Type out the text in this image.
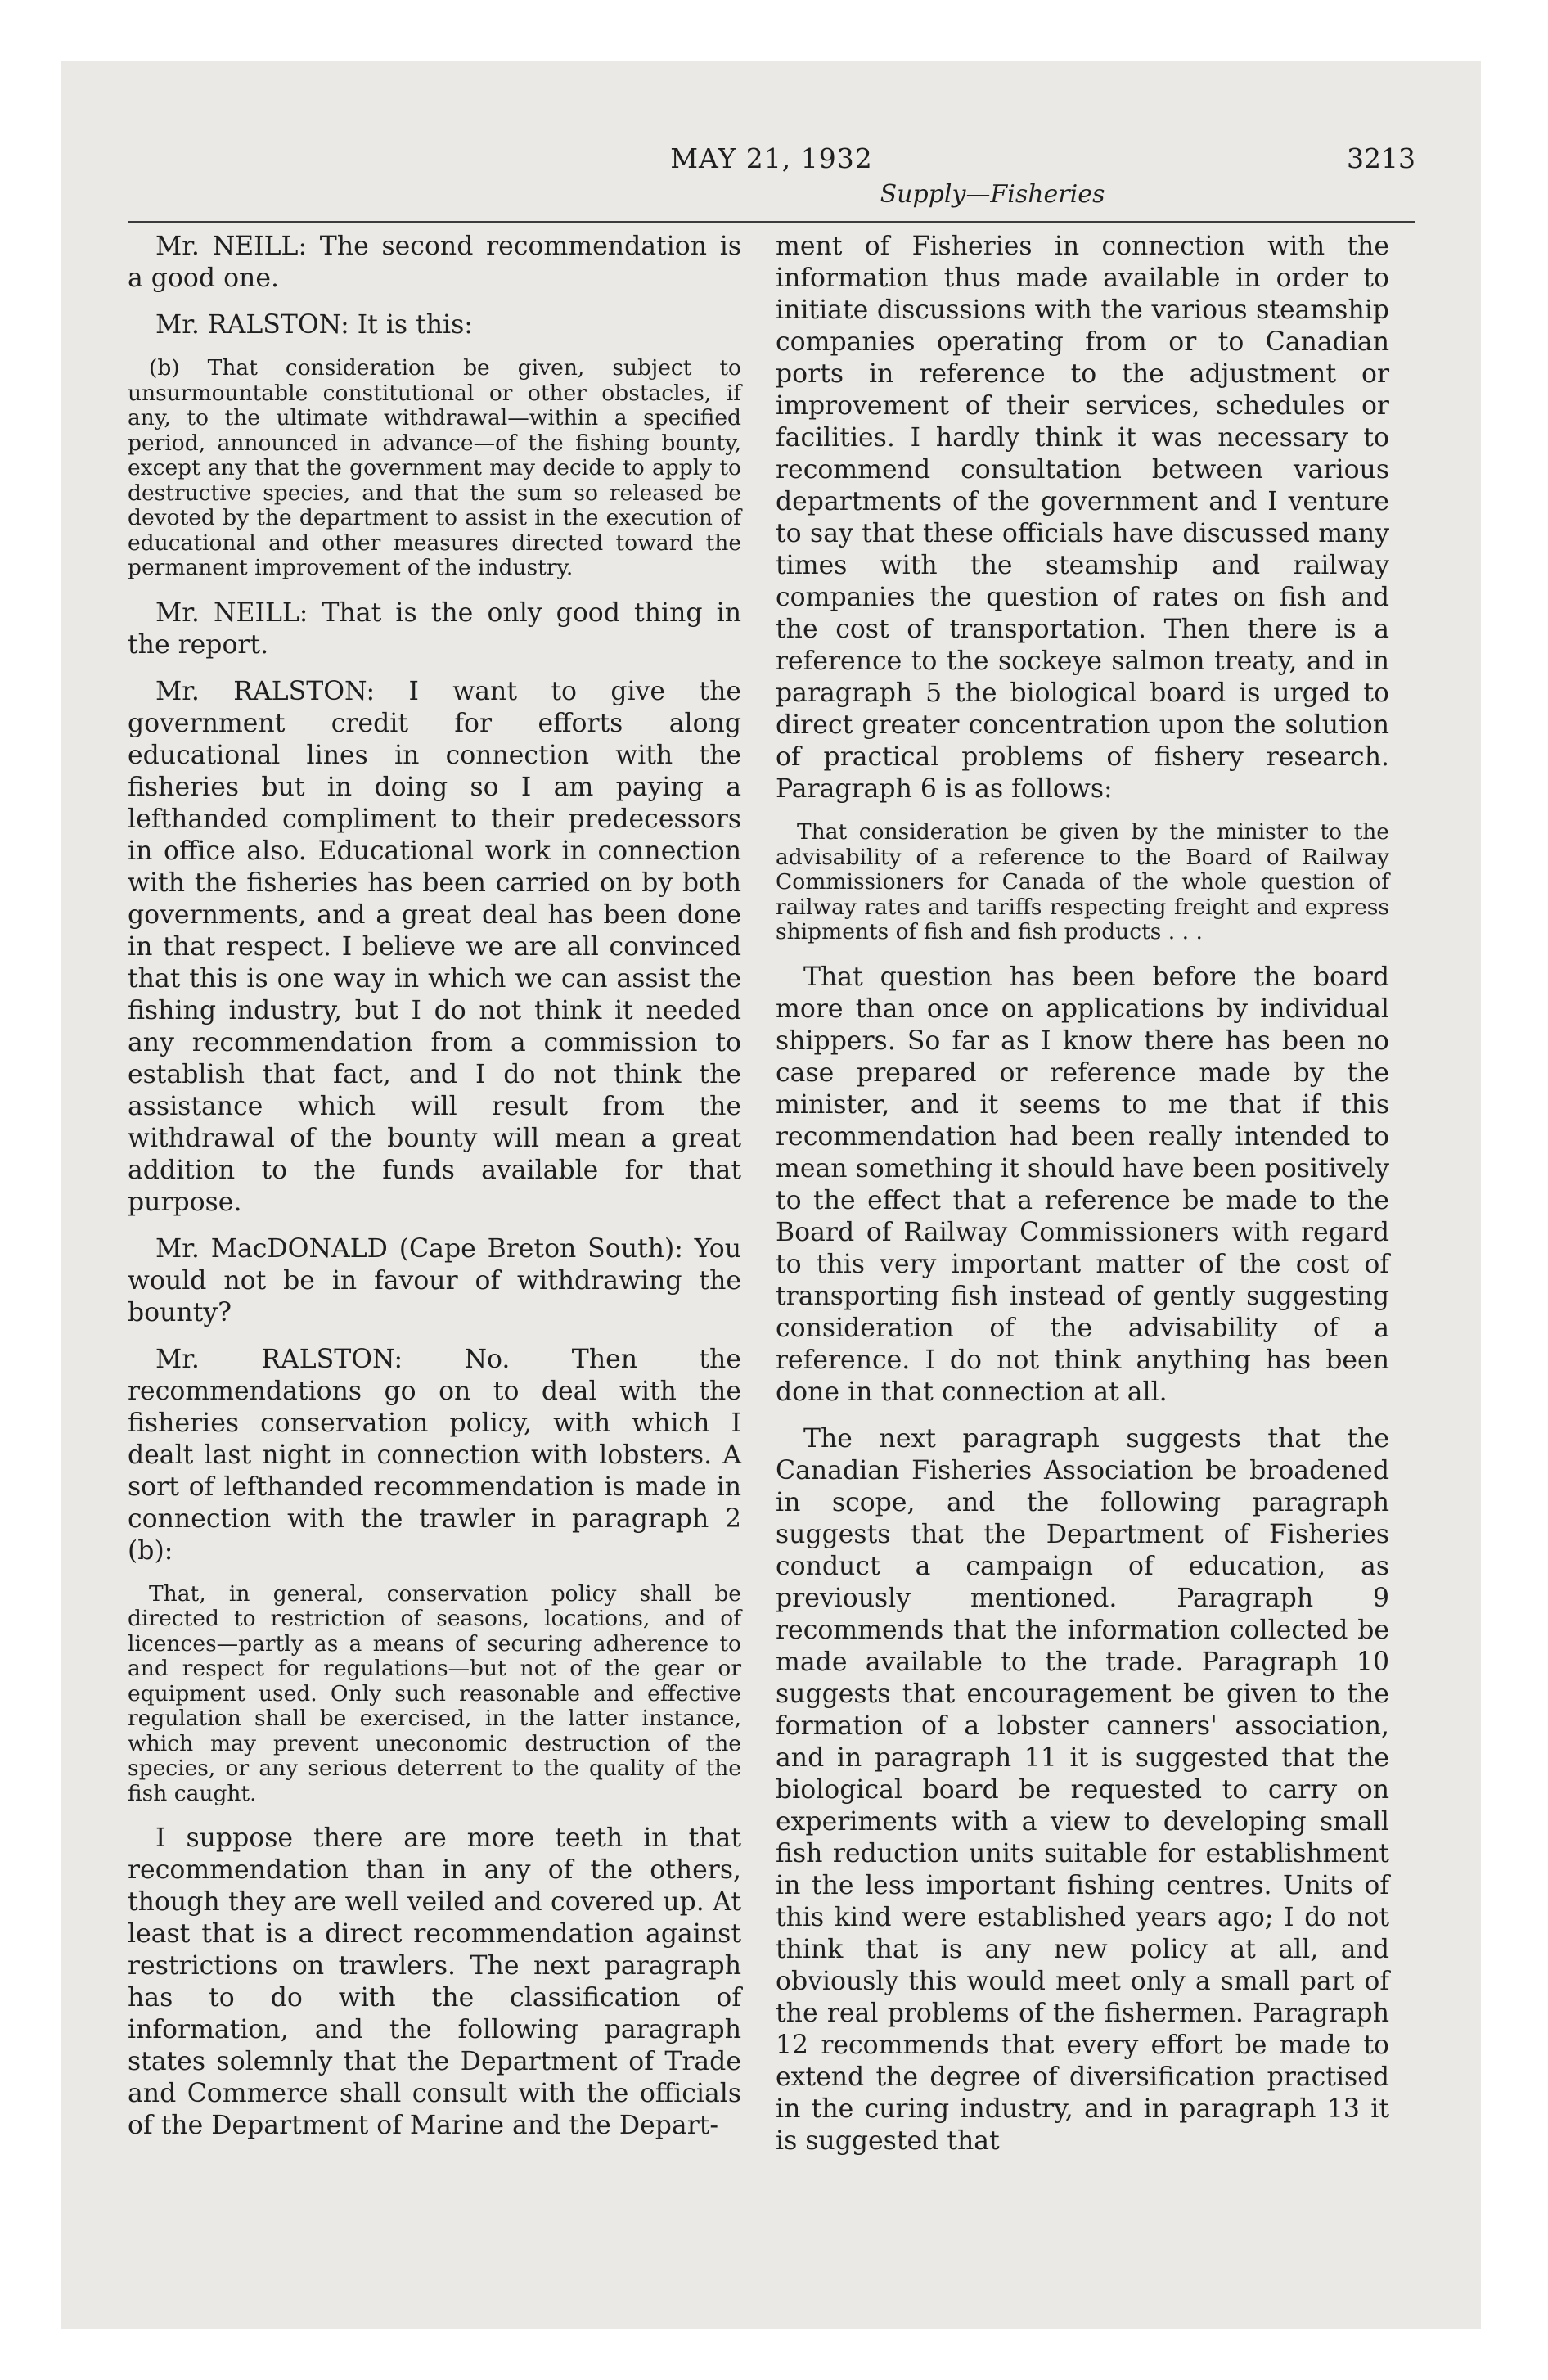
MAY 21, 1932	3213
Supply—Fisheries

Mr. NEILL: The second recommendation is a good one.

Mr. RALSTON: It is this:

(b) That consideration be given, subject to unsurmountable constitutional or other obstacles, if any, to the ultimate withdrawal—within a specified period, announced in advance—of the fishing bounty, except any that the government may decide to apply to destructive species, and that the sum so released be devoted by the department to assist in the execution of educational and other measures directed toward the permanent improvement of the industry.

Mr. NEILL: That is the only good thing in the report.

Mr. RALSTON: I want to give the government credit for efforts along educational lines in connection with the fisheries but in doing so I am paying a lefthanded compliment to their predecessors in office also. Educational work in connection with the fisheries has been carried on by both governments, and a great deal has been done in that respect. I believe we are all convinced that this is one way in which we can assist the fishing industry, but I do not think it needed any recommendation from a commission to establish that fact, and I do not think the assistance which will result from the withdrawal of the bounty will mean a great addition to the funds available for that purpose.

Mr. MacDONALD (Cape Breton South): You would not be in favour of withdrawing the bounty?

Mr. RALSTON: No. Then the recommendations go on to deal with the fisheries conservation policy, with which I dealt last night in connection with lobsters. A sort of lefthanded recommendation is made in connection with the trawler in paragraph 2 (b):

That, in general, conservation policy shall be directed to restriction of seasons, locations, and of licences—partly as a means of securing adherence to and respect for regulations—but not of the gear or equipment used. Only such reasonable and effective regulation shall be exercised, in the latter instance, which may prevent uneconomic destruction of the species, or any serious deterrent to the quality of the fish caught.

I suppose there are more teeth in that recommendation than in any of the others, though they are well veiled and covered up. At least that is a direct recommendation against restrictions on trawlers. The next paragraph has to do with the classification of information, and the following paragraph states solemnly that the Department of Trade and Commerce shall consult with the officials of the Department of Marine and the Depart-

ment of Fisheries in connection with the information thus made available in order to initiate discussions with the various steamship companies operating from or to Canadian ports in reference to the adjustment or improvement of their services, schedules or facilities. I hardly think it was necessary to recommend consultation between various departments of the government and I venture to say that these officials have discussed many times with the steamship and railway companies the question of rates on fish and the cost of transportation. Then there is a reference to the sockeye salmon treaty, and in paragraph 5 the biological board is urged to direct greater concentration upon the solution of practical problems of fishery research. Paragraph 6 is as follows:

That consideration be given by the minister to the advisability of a reference to the Board of Railway Commissioners for Canada of the whole question of railway rates and tariffs respecting freight and express shipments of fish and fish products . . .

That question has been before the board more than once on applications by individual shippers. So far as I know there has been no case prepared or reference made by the minister, and it seems to me that if this recommendation had been really intended to mean something it should have been positively to the effect that a reference be made to the Board of Railway Commissioners with regard to this very important matter of the cost of transporting fish instead of gently suggesting consideration of the advisability of a reference. I do not think anything has been done in that connection at all.

The next paragraph suggests that the Canadian Fisheries Association be broadened in scope, and the following paragraph suggests that the Department of Fisheries conduct a campaign of education, as previously mentioned. Paragraph 9 recommends that the information collected be made available to the trade. Paragraph 10 suggests that encouragement be given to the formation of a lobster canners' association, and in paragraph 11 it is suggested that the biological board be requested to carry on experiments with a view to developing small fish reduction units suitable for establishment in the less important fishing centres. Units of this kind were established years ago; I do not think that is any new policy at all, and obviously this would meet only a small part of the real problems of the fishermen. Paragraph 12 recommends that every effort be made to extend the degree of diversification practised in the curing industry, and in paragraph 13 it is suggested that
